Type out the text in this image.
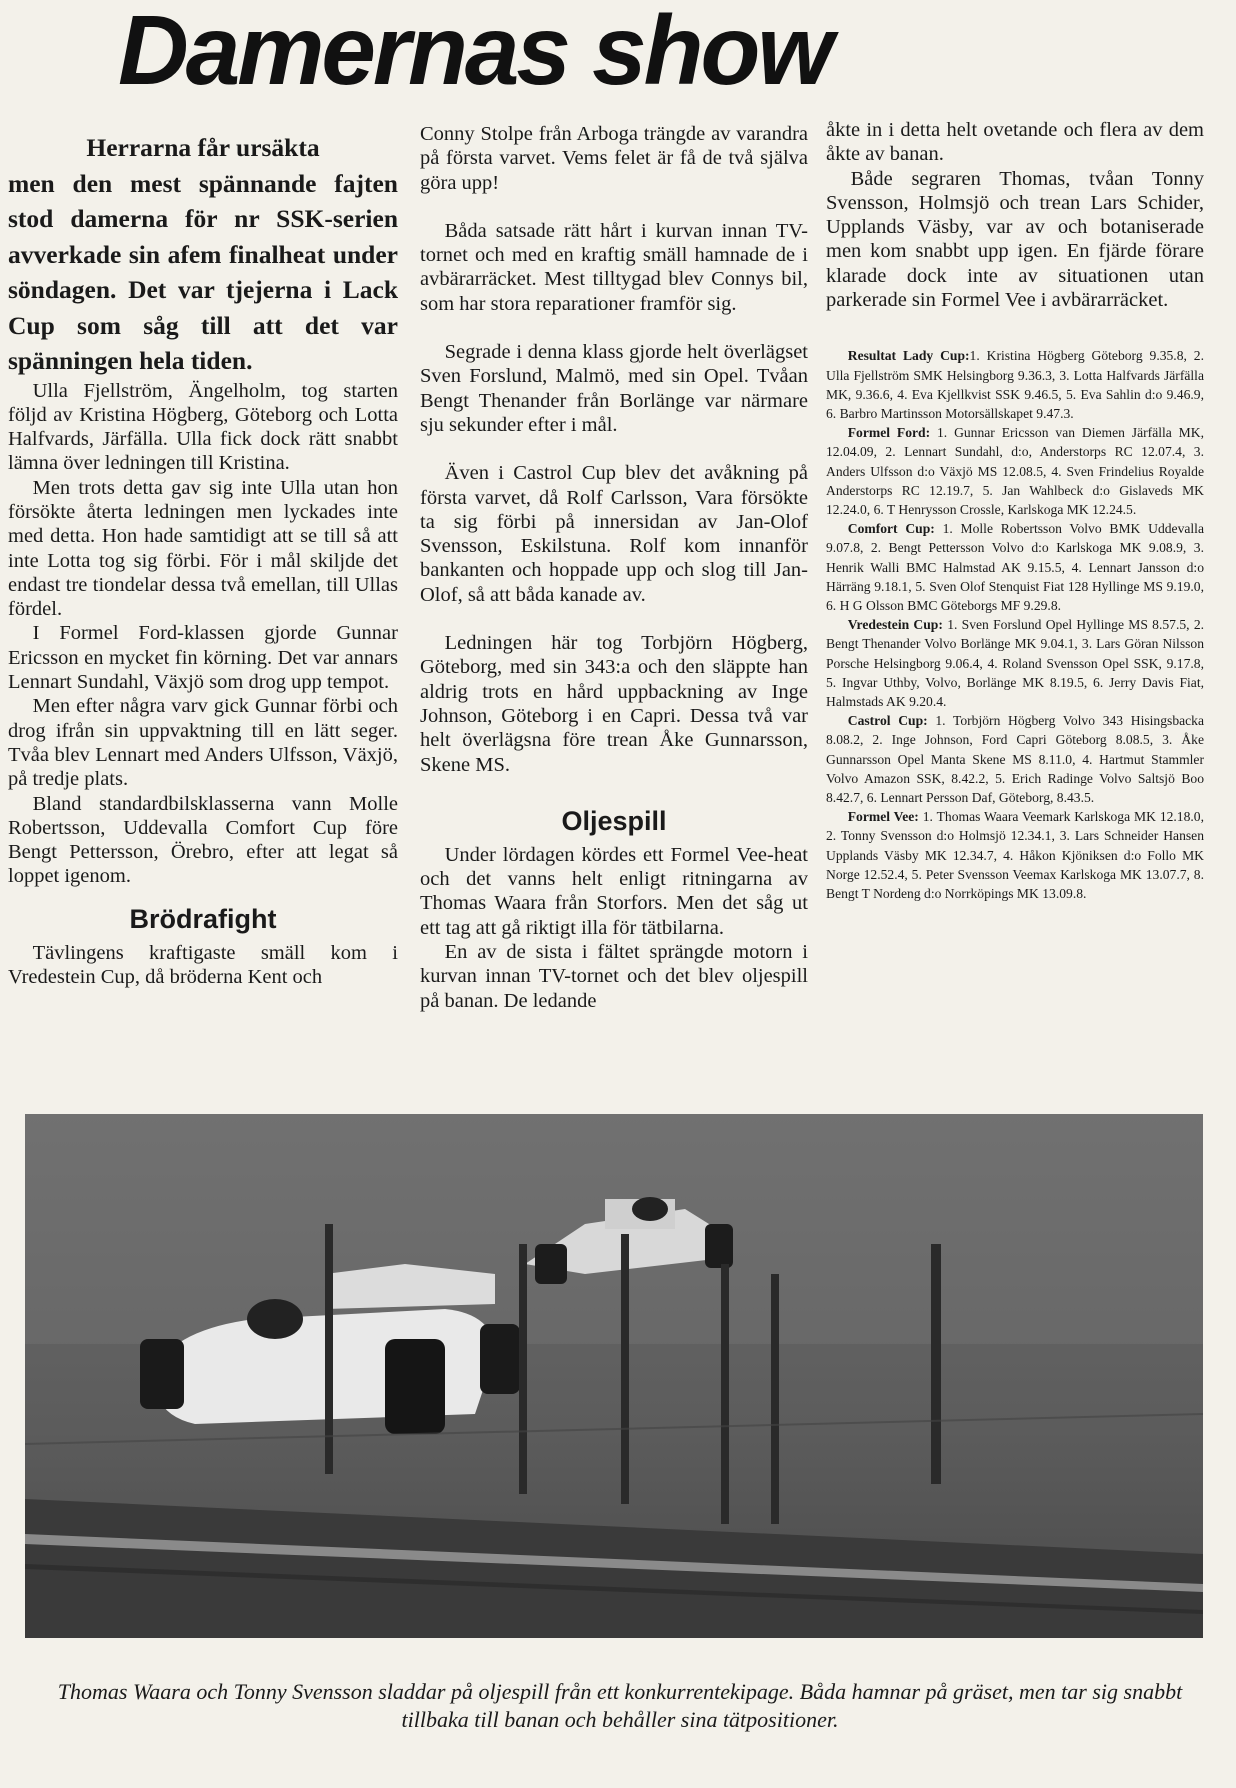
Damernas show

Herrarna får ursäkta

men den mest spännande fajten stod damerna för nr SSK-serien avverkade sin afem finalheat under söndagen. Det var tjejerna i Lack Cup som såg till att det var spänningen hela tiden.

Ulla Fjellström, Ängelholm, tog starten följd av Kristina Högberg, Göteborg och Lotta Halfvards, Järfälla. Ulla fick dock rätt snabbt lämna över ledningen till Kristina.

Men trots detta gav sig inte Ulla utan hon försökte återta ledningen men lyckades inte med detta. Hon hade samtidigt att se till så att inte Lotta tog sig förbi. För i mål skiljde det endast tre tiondelar dessa två emellan, till Ullas fördel.

I Formel Ford-klassen gjorde Gunnar Ericsson en mycket fin körning. Det var annars Lennart Sundahl, Växjö som drog upp tempot.

Men efter några varv gick Gunnar förbi och drog ifrån sin uppvaktning till en lätt seger. Tvåa blev Lennart med Anders Ulfsson, Växjö, på tredje plats.

Bland standardbilsklasserna vann Molle Robertsson, Uddevalla Comfort Cup före Bengt Pettersson, Örebro, efter att legat så loppet igenom.

Brödrafight

Tävlingens kraftigaste smäll kom i Vredestein Cup, då bröderna Kent och

Conny Stolpe från Arboga trängde av varandra på första varvet. Vems felet är få de två själva göra upp!

Båda satsade rätt hårt i kurvan innan TV-tornet och med en kraftig smäll hamnade de i avbärarräcket. Mest tilltygad blev Connys bil, som har stora reparationer framför sig.

Segrade i denna klass gjorde helt överlägset Sven Forslund, Malmö, med sin Opel. Tvåan Bengt Thenander från Borlänge var närmare sju sekunder efter i mål.

Även i Castrol Cup blev det avåkning på första varvet, då Rolf Carlsson, Vara försökte ta sig förbi på innersidan av Jan-Olof Svensson, Eskilstuna. Rolf kom innanför bankanten och hoppade upp och slog till Jan-Olof, så att båda kanade av.

Ledningen här tog Torbjörn Högberg, Göteborg, med sin 343:a och den släppte han aldrig trots en hård uppbackning av Inge Johnson, Göteborg i en Capri. Dessa två var helt överlägsna före trean Åke Gunnarsson, Skene MS.

Oljespill

Under lördagen kördes ett Formel Vee-heat och det vanns helt enligt ritningarna av Thomas Waara från Storfors. Men det såg ut ett tag att gå riktigt illa för tätbilarna.

En av de sista i fältet sprängde motorn i kurvan innan TV-tornet och det blev oljespill på banan. De ledande

åkte in i detta helt ovetande och flera av dem åkte av banan.

Både segraren Thomas, tvåan Tonny Svensson, Holmsjö och trean Lars Schider, Upplands Väsby, var av och botaniserade men kom snabbt upp igen. En fjärde förare klarade dock inte av situationen utan parkerade sin Formel Vee i avbärarräcket.

Resultat Lady Cup:1. Kristina Högberg Göteborg 9.35.8, 2. Ulla Fjellström SMK Helsingborg 9.36.3, 3. Lotta Halfvards Järfälla MK, 9.36.6, 4. Eva Kjellkvist SSK 9.46.5, 5. Eva Sahlin d:o 9.46.9, 6. Barbro Martinsson Motorsällskapet 9.47.3.

Formel Ford: 1. Gunnar Ericsson van Diemen Järfälla MK, 12.04.09, 2. Lennart Sundahl, d:o, Anderstorps RC 12.07.4, 3. Anders Ulfsson d:o Växjö MS 12.08.5, 4. Sven Frindelius Royalde Anderstorps RC 12.19.7, 5. Jan Wahlbeck d:o Gislaveds MK 12.24.0, 6. T Henrysson Crossle, Karlskoga MK 12.24.5.

Comfort Cup: 1. Molle Robertsson Volvo BMK Uddevalla 9.07.8, 2. Bengt Pettersson Volvo d:o Karlskoga MK 9.08.9, 3. Henrik Walli BMC Halmstad AK 9.15.5, 4. Lennart Jansson d:o Härräng 9.18.1, 5. Sven Olof Stenquist Fiat 128 Hyllinge MS 9.19.0, 6. H G Olsson BMC Göteborgs MF 9.29.8.

Vredestein Cup: 1. Sven Forslund Opel Hyllinge MS 8.57.5, 2. Bengt Thenander Volvo Borlänge MK 9.04.1, 3. Lars Göran Nilsson Porsche Helsingborg 9.06.4, 4. Roland Svensson Opel SSK, 9.17.8, 5. Ingvar Uthby, Volvo, Borlänge MK 8.19.5, 6. Jerry Davis Fiat, Halmstads AK 9.20.4.

Castrol Cup: 1. Torbjörn Högberg Volvo 343 Hisingsbacka 8.08.2, 2. Inge Johnson, Ford Capri Göteborg 8.08.5, 3. Åke Gunnarsson Opel Manta Skene MS 8.11.0, 4. Hartmut Stammler Volvo Amazon SSK, 8.42.2, 5. Erich Radinge Volvo Saltsjö Boo 8.42.7, 6. Lennart Persson Daf, Göteborg, 8.43.5.

Formel Vee: 1. Thomas Waara Veemark Karlskoga MK 12.18.0, 2. Tonny Svensson d:o Holmsjö 12.34.1, 3. Lars Schneider Hansen Upplands Väsby MK 12.34.7, 4. Håkon Kjöniksen d:o Follo MK Norge 12.52.4, 5. Peter Svensson Veemax Karlskoga MK 13.07.7, 8. Bengt T Nordeng d:o Norrköpings MK 13.09.8.

Thomas Waara och Tonny Svensson sladdar på oljespill från ett konkurrentekipage. Båda hamnar på gräset, men tar sig snabbt tillbaka till banan och behåller sina tätpositioner.
